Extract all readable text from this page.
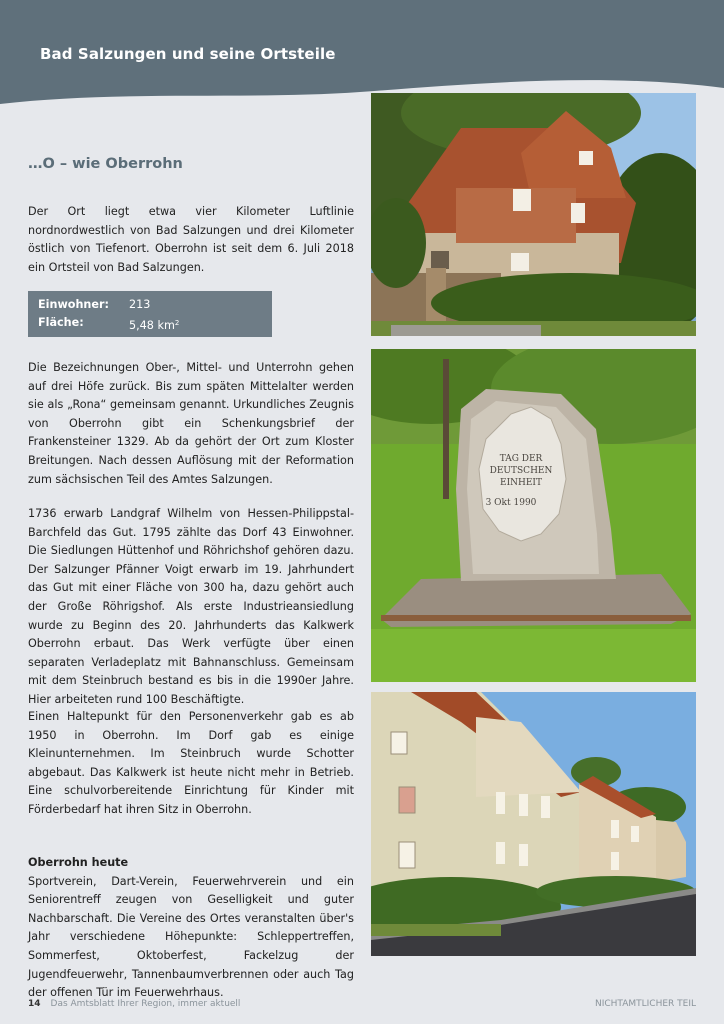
Bad Salzungen und seine Ortsteile
…O – wie Oberrohn
Der Ort liegt etwa vier Kilometer Luftlinie nordnordwestlich von Bad Salzungen und drei Kilometer östlich von Tiefenort. Oberrohn ist seit dem 6. Juli 2018 ein Ortsteil von Bad Salzungen.
Einwohner:	213
Fläche:	5,48 $km^2$
Die Bezeichnungen Ober-, Mittel- und Unterrohn gehen auf drei Höfe zurück. Bis zum späten Mittelalter werden sie als „Rona“ gemeinsam genannt. Urkundliches Zeugnis von Oberrohn gibt ein Schenkungsbrief der Frankensteiner 1329. Ab da gehört der Ort zum Kloster Breitungen. Nach dessen Auflösung mit der Reformation zum sächsischen Teil des Amtes Salzungen.
1736 erwarb Landgraf Wilhelm von Hessen-Philippstal-Barchfeld das Gut. 1795 zählte das Dorf 43 Einwohner. Die Siedlungen Hüttenhof und Röhrichshof gehören dazu. Der Salzunger Pfänner Voigt erwarb im 19. Jahrhundert das Gut mit einer Fläche von 300 ha, dazu gehört auch der Große Röhrigshof. Als erste Industrieansiedlung wurde zu Beginn des 20. Jahrhunderts das Kalkwerk Oberrohn erbaut. Das Werk verfügte über einen separaten Verladeplatz mit Bahnanschluss. Gemeinsam mit dem Steinbruch bestand es bis in die 1990er Jahre. Hier arbeiteten rund 100 Beschäftigte.
Einen Haltepunkt für den Personenverkehr gab es ab 1950 in Oberrohn. Im Dorf gab es einige Kleinunternehmen. Im Steinbruch wurde Schotter abgebaut. Das Kalkwerk ist heute nicht mehr in Betrieb. Eine schulvorbereitende Einrichtung für Kinder mit Förderbedarf hat ihren Sitz in Oberrohn.
Oberrohn heute
Sportverein, Dart-Verein, Feuerwehrverein und ein Seniorentreff zeugen von Geselligkeit und guter Nachbarschaft. Die Vereine des Ortes veranstalten über's Jahr verschiedene Höhepunkte: Schleppertreffen, Sommerfest, Oktoberfest, Fackelzug der Jugendfeuerwehr, Tannenbaumverbrennen oder auch Tag der offenen Tür im Feuerwehrhaus.
TAG DER
DEUTSCHEN
EINHEIT
3 Okt 1990
14 Das Amtsblatt Ihrer Region, immer aktuell	NICHTAMTLICHER TEIL
